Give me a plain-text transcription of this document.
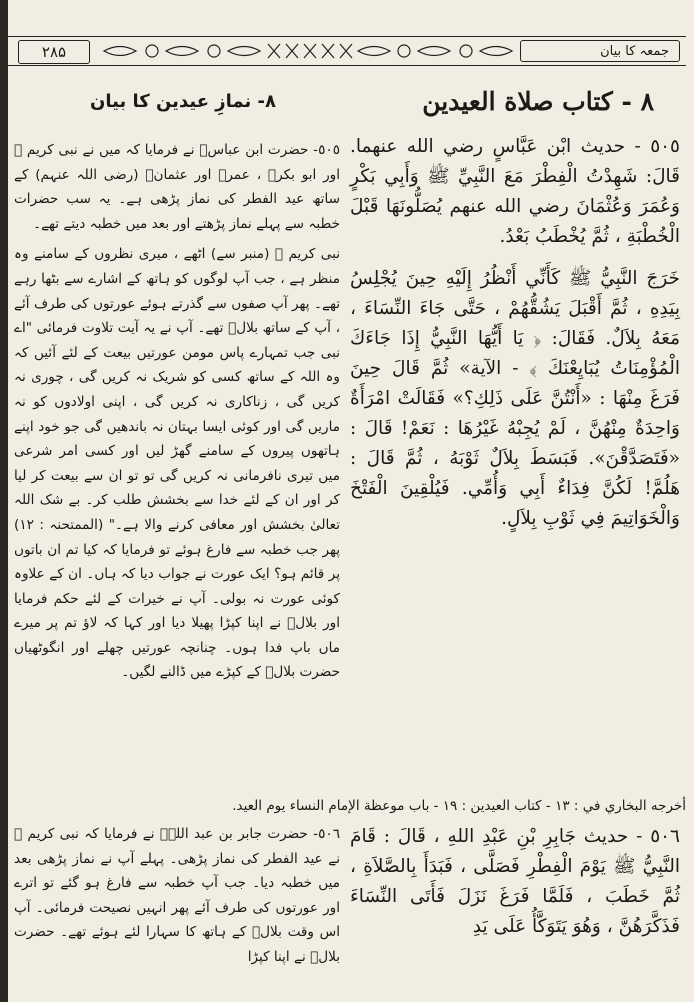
۲۸۵	جمعہ کا بیان
٨ - كتاب صلاة العيدين
٨- نمازِ عیدین کا بیان

٥٠٥ - حديث ابْن عَبَّاسٍ رضي الله عنهما. قَالَ: شَهِدْتُ الْفِطْرَ مَعَ النَّبِيِّ ﷺ وَأَبِي بَكْرٍ وَعُمَرَ وَعُثْمَانَ رضي الله عنهم يُصَلُّونَهَا قَبْلَ الْخُطْبَةِ ، ثُمَّ يُخْطَبُ بَعْدُ.

خَرَجَ النَّبِيُّ ﷺ كَأَنِّي أَنْظُرُ إِلَيْهِ حِينَ يُجْلِسُ بِيَدِهِ ، ثُمَّ أَقْبَلَ يَشُقُّهُمْ ، حَتَّى جَاءَ النِّسَاءَ ، مَعَهُ بِلاَلٌ. فَقَالَ: ﴿ يَا أَيُّهَا النَّبِيُّ إِذَا جَاءَكَ الْمُؤْمِنَاتُ يُبَايِعْنَكَ ﴾ - الآية» ثُمَّ قَالَ حِينَ فَرَغَ مِنْهَا : «أَنْتُنَّ عَلَى ذَلِكِ؟» فَقَالَتْ امْرَأَةٌ وَاحِدَةٌ مِنْهُنَّ ، لَمْ يُجِبْهُ غَيْرُهَا : نَعَمْ! قَالَ : «فَتَصَدَّقْنَ». فَبَسَطَ بِلاَلٌ ثَوْبَهُ ، ثُمَّ قَالَ : هَلُمَّ! لَكُنَّ فِدَاءٌ أَبِي وَأُمِّي. فَيُلْقِينَ الْفَتْخَ وَالْخَوَاتِيمَ فِي ثَوْبِ بِلاَلٍ.

٥٠٥- حضرت ابن عباسؓ نے فرمایا کہ میں نے نبی کریم ﷺ اور ابو بکرؓ ، عمرؓ اور عثمانؓ (رضی اللہ عنہم) کے ساتھ عید الفطر کی نماز پڑھی ہے۔ یہ سب حضرات خطبہ سے پہلے نماز پڑھتے اور بعد میں خطبہ دیتے تھے۔

نبی کریم ﷺ (منبر سے) اٹھے ، میری نظروں کے سامنے وہ منظر ہے ، جب آپ لوگوں کو ہاتھ کے اشارے سے بٹھا رہے تھے۔ پھر آپ صفوں سے گذرتے ہوئے عورتوں کی طرف آئے ، آپ کے ساتھ بلالؓ تھے۔ آپ نے یہ آیت تلاوت فرمائی "اے نبی جب تمہارے پاس مومن عورتیں بیعت کے لئے آئیں کہ وہ اللہ کے ساتھ کسی کو شریک نہ کریں گی ، چوری نہ کریں گی ، زناکاری نہ کریں گی ، اپنی اولادوں کو نہ ماریں گی اور کوئی ایسا بہتان نہ باندھیں گی جو خود اپنے ہاتھوں پیروں کے سامنے گھڑ لیں اور کسی امر شرعی میں تیری نافرمانی نہ کریں گی تو تو ان سے بیعت کر لیا کر اور ان کے لئے خدا سے بخشش طلب کر۔ بے شک اللہ تعالیٰ بخشش اور معافی کرنے والا ہے۔" (الممتحنہ : ١٢) پھر جب خطبہ سے فارغ ہوئے تو فرمایا کہ کیا تم ان باتوں پر قائم ہو؟ ایک عورت نے جواب دیا کہ ہاں۔ ان کے علاوہ کوئی عورت نہ بولی۔ آپ نے خیرات کے لئے حکم فرمایا اور بلالؓ نے اپنا کپڑا پھیلا دیا اور کہا کہ لاؤ تم پر میرے ماں باپ فدا ہوں۔ چنانچہ عورتیں چھلے اور انگوٹھیاں حضرت بلالؓ کے کپڑے میں ڈالنے لگیں۔

أخرجه البخاري في : ١٣ - كتاب العيدين : ١٩ - باب موعظة الإمام النساء يوم العيد.

٥٠٦ - حديث جَابِرِ بْنِ عَبْدِ اللهِ ، قَالَ : قَامَ النَّبِيُّ ﷺ يَوْمَ الْفِطْرِ فَصَلَّى ، فَبَدَأَ بِالصَّلاَةِ ، ثُمَّ خَطَبَ ، فَلَمَّا فَرَغَ نَزَلَ فَأَتَى النِّسَاءَ فَذَكَّرَهُنَّ ، وَهُوَ يَتَوَكَّأُ عَلَى يَدِ

٥٠٦- حضرت جابر بن عبد اللہؓ نے فرمایا کہ نبی کریم ﷺ نے عید الفطر کی نماز پڑھی۔ پہلے آپ نے نماز پڑھی بعد میں خطبہ دیا۔ جب آپ خطبہ سے فارغ ہو گئے تو اترے اور عورتوں کی طرف آئے پھر انہیں نصیحت فرمائی۔ آپ اس وقت بلالؓ کے ہاتھ کا سہارا لئے ہوئے تھے۔ حضرت بلالؓ نے اپنا کپڑا
